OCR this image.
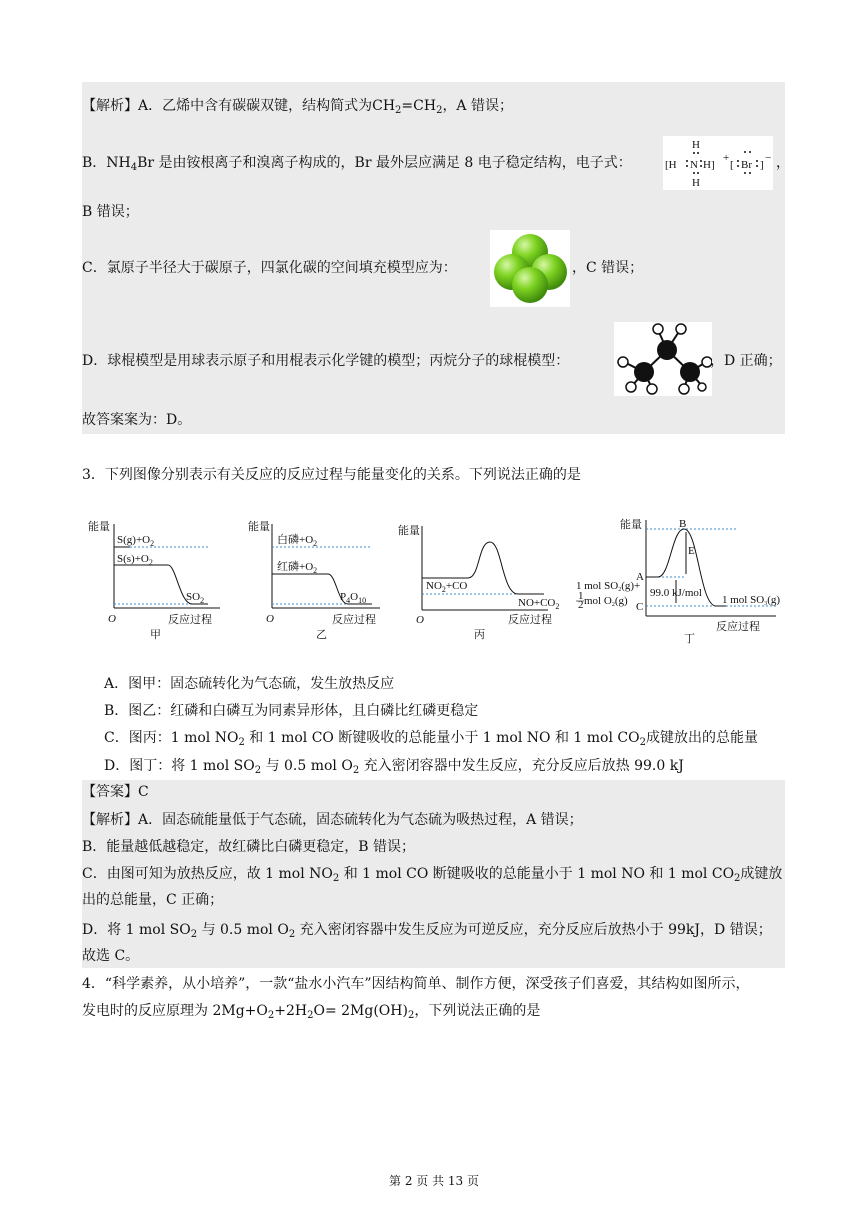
【解析】A．乙烯中含有碳碳双键，结构简式为$CH_2=CH_2$，A 错误；
B．$NH_4Br$ 是由铵根离子和溴离子构成的，Br 最外层应满足 8 电子稳定结构，电子式：
H
[H N H]
+
[ Br ]
−
H
，
B 错误；
C．氯原子半径大于碳原子，四氯化碳的空间填充模型应为：	，C 错误；
D．球棍模型是用球表示原子和用棍表示化学键的模型；丙烷分子的球棍模型：	，D 正确；
故答案案为：D。
3．下列图像分别表示有关反应的反应过程与能量变化的关系。下列说法正确的是
能量
$S(g)+O_2$
$S(s)+O_2$
$SO_2$
O	反应过程
甲
能量
白磷$+O_2$
红磷$+O_2$
$P_4O_{10}$
O	反应过程
乙
能量
$NO_2+CO$
$NO+CO_2$
O	反应过程
丙
能量	B
A
C
E
99.0 kJ/mol
1 mol SO2(g)+
1
2 mol O2(g)	1 mol SO3(g)
反应过程
丁
A．图甲：固态硫转化为气态硫，发生放热反应
B．图乙：红磷和白磷互为同素异形体，且白磷比红磷更稳定
C．图丙：1 mol $NO_2$ 和 1 mol CO 断键吸收的总能量小于 1 mol NO 和 1 mol $CO_2$成键放出的总能量
D．图丁：将 1 mol $SO_2$ 与 0.5 mol $O_2$ 充入密闭容器中发生反应，充分反应后放热 99.0 kJ
【答案】C
【解析】A．固态硫能量低于气态硫，固态硫转化为气态硫为吸热过程，A 错误；
B．能量越低越稳定，故红磷比白磷更稳定，B 错误；
C．由图可知为放热反应，故 1 mol $NO_2$ 和 1 mol CO 断键吸收的总能量小于 1 mol NO 和 1 mol $CO_2$成键放
出的总能量，C 正确；
D．将 1 mol $SO_2$ 与 0.5 mol $O_2$ 充入密闭容器中发生反应为可逆反应，充分反应后放热小于 99kJ，D 错误；
故选 C。
4．“科学素养，从小培养”，一款“盐水小汽车”因结构简单、制作方便，深受孩子们喜爱，其结构如图所示，
发电时的反应原理为 $2Mg+O_2+2H_2O= 2Mg(OH)_2$，下列说法正确的是
第 2 页 共 13 页
